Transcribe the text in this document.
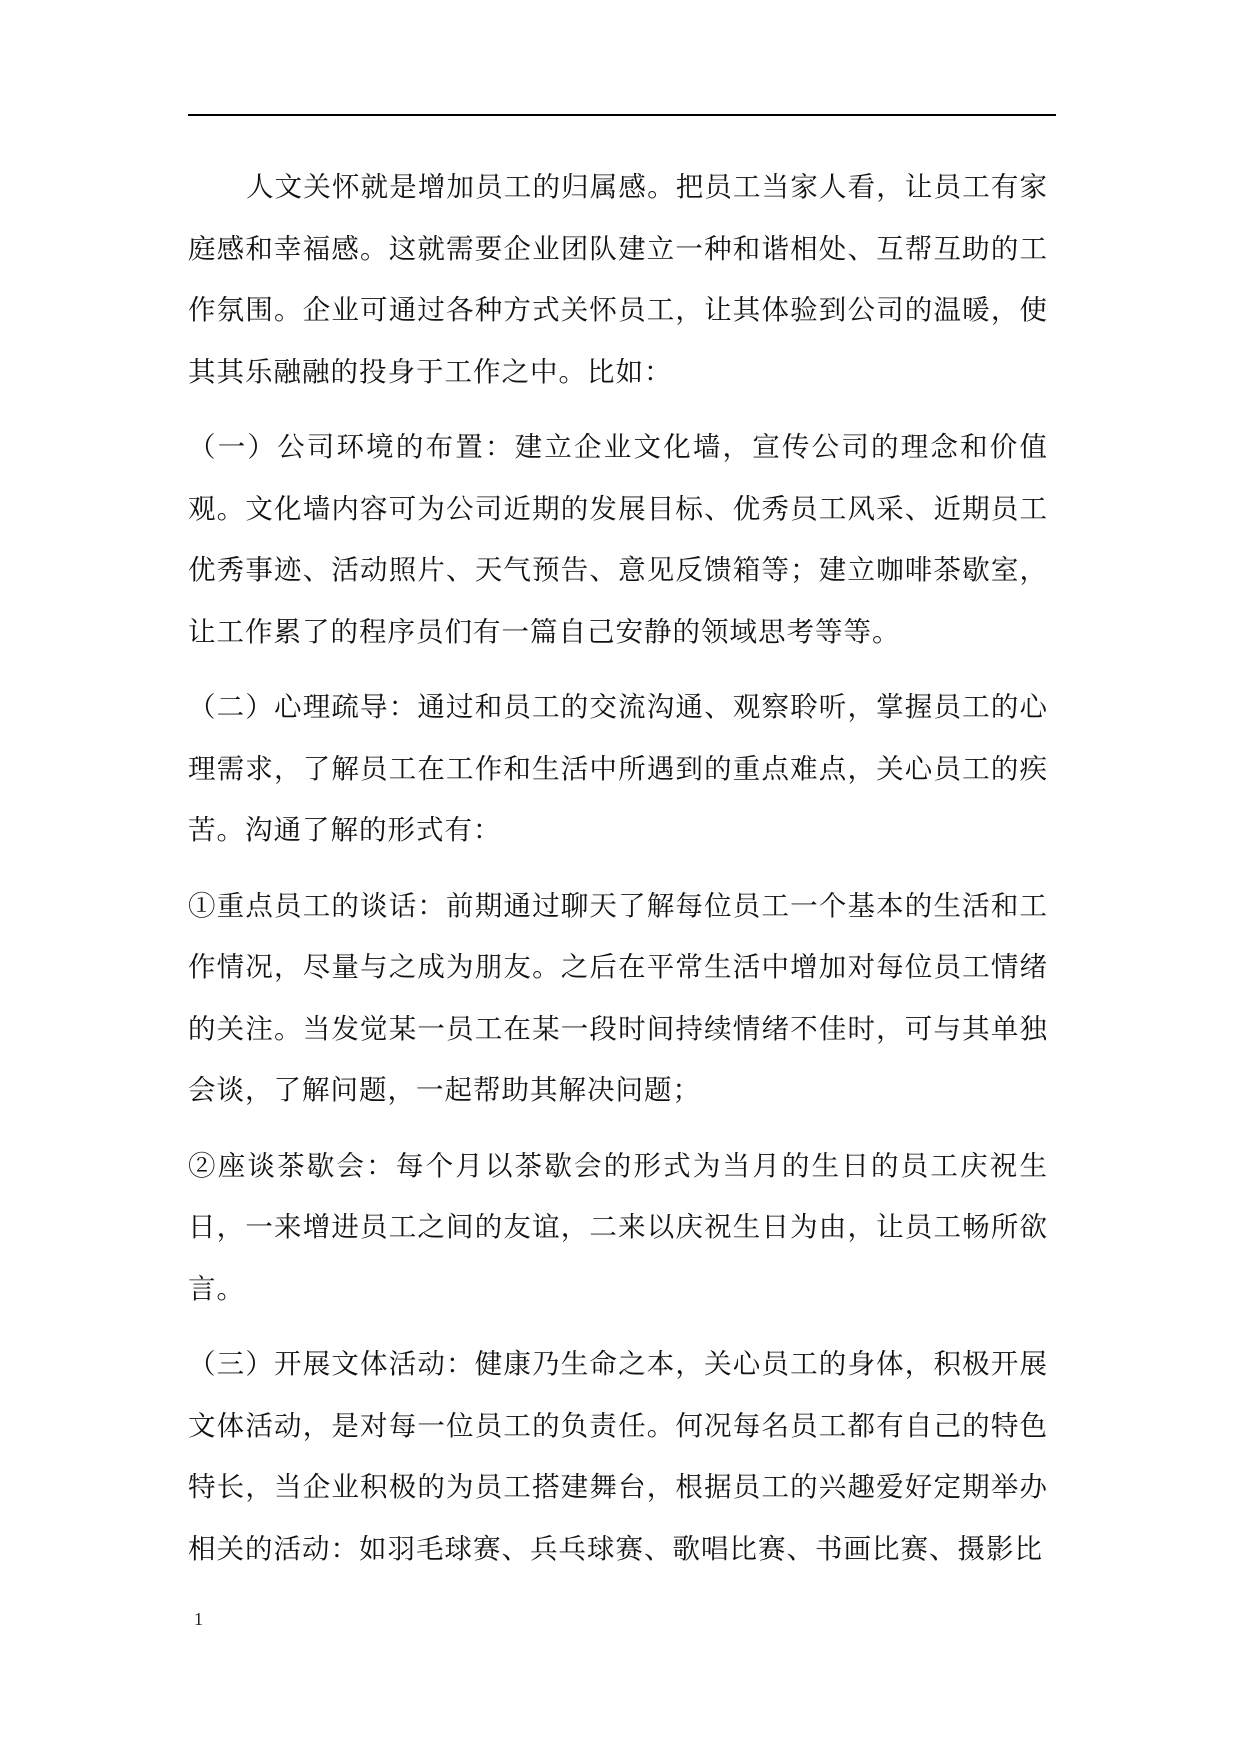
人文关怀就是增加员工的归属感。把员工当家人看，让员工有家庭感和幸福感。这就需要企业团队建立一种和谐相处、互帮互助的工作氛围。企业可通过各种方式关怀员工，让其体验到公司的温暖，使其其乐融融的投身于工作之中。比如：

（一）公司环境的布置：建立企业文化墙，宣传公司的理念和价值观。文化墙内容可为公司近期的发展目标、优秀员工风采、近期员工优秀事迹、活动照片、天气预告、意见反馈箱等；建立咖啡茶歇室，让工作累了的程序员们有一篇自己安静的领域思考等等。

（二）心理疏导：通过和员工的交流沟通、观察聆听，掌握员工的心理需求，了解员工在工作和生活中所遇到的重点难点，关心员工的疾苦。沟通了解的形式有：

①重点员工的谈话：前期通过聊天了解每位员工一个基本的生活和工作情况，尽量与之成为朋友。之后在平常生活中增加对每位员工情绪的关注。当发觉某一员工在某一段时间持续情绪不佳时，可与其单独会谈，了解问题，一起帮助其解决问题；

②座谈茶歇会：每个月以茶歇会的形式为当月的生日的员工庆祝生日，一来增进员工之间的友谊，二来以庆祝生日为由，让员工畅所欲言。

（三）开展文体活动：健康乃生命之本，关心员工的身体，积极开展文体活动，是对每一位员工的负责任。何况每名员工都有自己的特色特长，当企业积极的为员工搭建舞台，根据员工的兴趣爱好定期举办相关的活动：如羽毛球赛、兵乓球赛、歌唱比赛、书画比赛、摄影比

1
